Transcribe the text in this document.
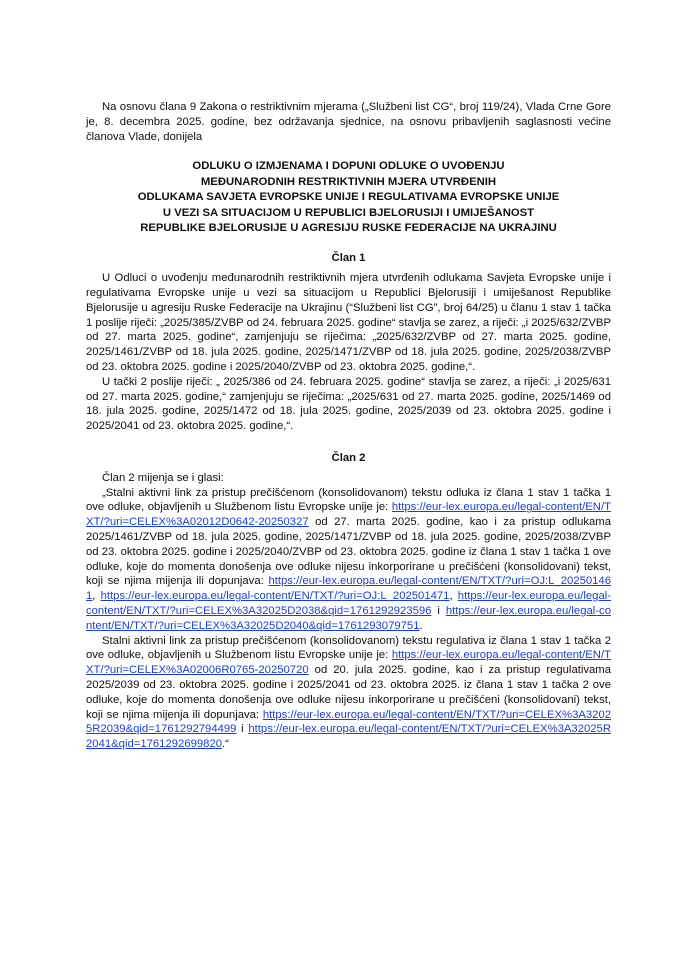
Na osnovu člana 9 Zakona o restriktivnim mjerama („Službeni list CG“, broj 119/24), Vlada Crne Gore je, 8. decembra 2025. godine, bez održavanja sjednice, na osnovu pribavljenih saglasnosti većine članova Vlade, donijela

ODLUKU O IZMJENAMA I DOPUNI ODLUKE O UVOĐENJU
MEĐUNARODNIH RESTRIKTIVNIH MJERA UTVRĐENIH
ODLUKAMA SAVJETA EVROPSKE UNIJE I REGULATIVAMA EVROPSKE UNIJE
U VEZI SA SITUACIJOM U REPUBLICI BJELORUSIJI I UMIJEŠANOST
REPUBLIKE BJELORUSIJE U AGRESIJU RUSKE FEDERACIJE NA UKRAJINU
Član 1

U Odluci o uvođenju međunarodnih restriktivnih mjera utvrđenih odlukama Savjeta Evropske unije i regulativama Evropske unije u vezi sa situacijom u Republici Bjelorusiji i umiješanost Republike Bjelorusije u agresiju Ruske Federacije na Ukrajinu (“Službeni list CG”, broj 64/25) u članu 1 stav 1 tačka 1 poslije riječi: „2025/385/ZVBP od 24. februara 2025. godine“ stavlja se zarez, a riječi: „i 2025/632/ZVBP od 27. marta 2025. godine“, zamjenjuju se riječima: „2025/632/ZVBP od 27. marta 2025. godine, 2025/1461/ZVBP od 18. jula 2025. godine, 2025/1471/ZVBP od 18. jula 2025. godine, 2025/2038/ZVBP od 23. oktobra 2025. godine i 2025/2040/ZVBP od 23. oktobra 2025. godine,“.

U tački 2 poslije riječi: „ 2025/386 od 24. februara 2025. godine“ stavlja se zarez, a riječi: „i 2025/631 od 27. marta 2025. godine,“ zamjenjuju se riječima: „2025/631 od 27. marta 2025. godine, 2025/1469 od 18. jula 2025. godine, 2025/1472 od 18. jula 2025. godine, 2025/2039 od 23. oktobra 2025. godine i 2025/2041 od 23. oktobra 2025. godine,“.

Član 2

Član 2 mijenja se i glasi:

„Stalni aktivni link za pristup prečišćenom (konsolidovanom) tekstu odluka iz člana 1 stav 1 tačka 1 ove odluke, objavljenih u Službenom listu Evropske unije je: https://eur-lex.europa.eu/legal-content/EN/TXT/?uri=CELEX%3A02012D0642-20250327 od 27. marta 2025. godine, kao i za pristup odlukama 2025/1461/ZVBP od 18. jula 2025. godine, 2025/1471/ZVBP od 18. jula 2025. godine, 2025/2038/ZVBP od 23. oktobra 2025. godine i 2025/2040/ZVBP od 23. oktobra 2025. godine iz člana 1 stav 1 tačka 1 ove odluke, koje do momenta donošenja ove odluke nijesu inkorporirane u prečišćeni (konsolidovani) tekst, koji se njima mijenja ili dopunjava: https://eur-lex.europa.eu/legal-content/EN/TXT/?uri=OJ:L_202501461, https://eur-lex.europa.eu/legal-content/EN/TXT/?uri=OJ:L_202501471, https://eur-lex.europa.eu/legal-content/EN/TXT/?uri=CELEX%3A32025D2038&qid=1761292923596 i https://eur-lex.europa.eu/legal-content/EN/TXT/?uri=CELEX%3A32025D2040&qid=1761293079751.

Stalni aktivni link za pristup prečišćenom (konsolidovanom) tekstu regulativa iz člana 1 stav 1 tačka 2 ove odluke, objavljenih u Službenom listu Evropske unije je: https://eur-lex.europa.eu/legal-content/EN/TXT/?uri=CELEX%3A02006R0765-20250720 od 20. jula 2025. godine, kao i za pristup regulativama 2025/2039 od 23. oktobra 2025. godine i 2025/2041 od 23. oktobra 2025. iz člana 1 stav 1 tačka 2 ove odluke, koje do momenta donošenja ove odluke nijesu inkorporirane u prečišćeni (konsolidovani) tekst, koji se njima mijenja ili dopunjava: https://eur-lex.europa.eu/legal-content/EN/TXT/?uri=CELEX%3A32025R2039&qid=1761292794499 i https://eur-lex.europa.eu/legal-content/EN/TXT/?uri=CELEX%3A32025R2041&qid=1761292699820.“
